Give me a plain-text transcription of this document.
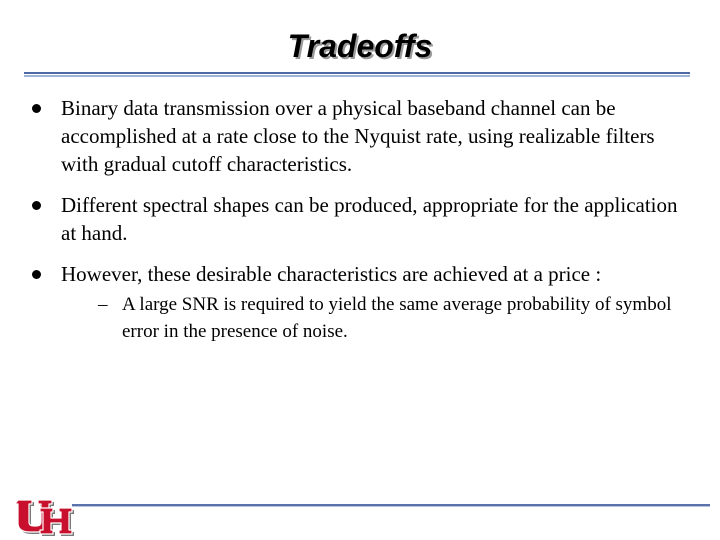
Tradeoffs
Binary data transmission over a physical baseband channel can be accomplished at a rate close to the Nyquist rate, using realizable filters with gradual cutoff characteristics.
Different spectral shapes can be produced, appropriate for the application at hand.
However, these desirable characteristics are achieved at a price :
– A large SNR is required to yield the same average probability of symbol error in the presence of noise.
